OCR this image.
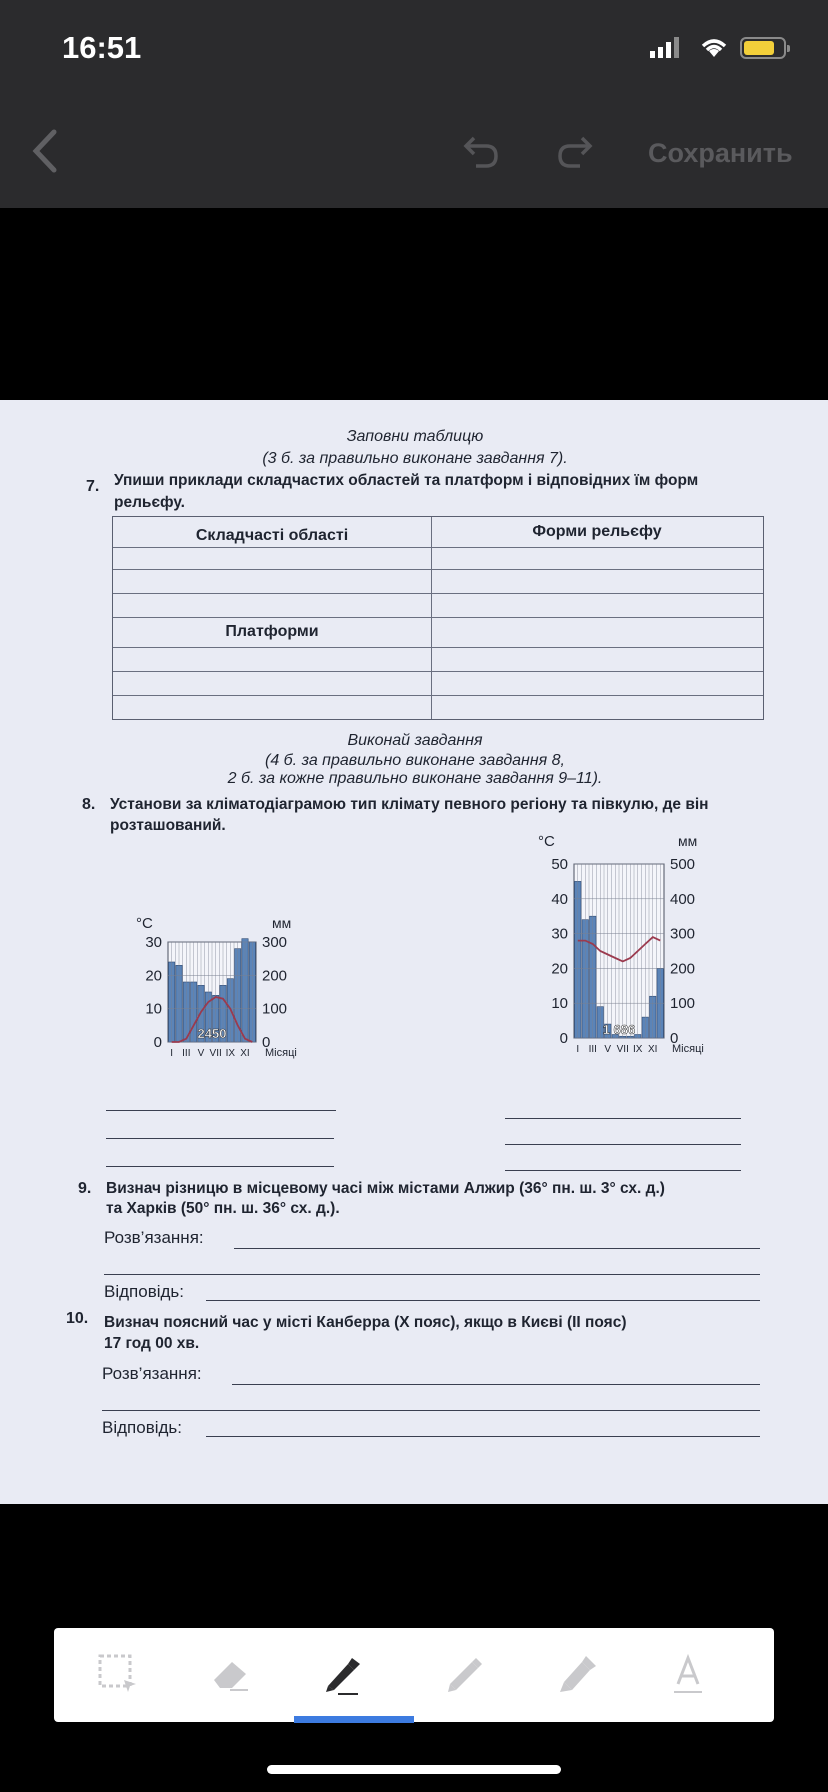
16:51
Сохранить
Заповни таблицю
(3 б. за правильно виконане завдання 7).
7. Упиши приклади складчастих областей та платформ і відповідних їм форм
рельєфу.
Складчасті області	Форми рельєфу
Платформи
Виконай завдання
(4 б. за правильно виконане завдання 8,
2 б. за кожне правильно виконане завдання 9–11).
8. Установи за кліматодіаграмою тип клімату певного регіону та півкулю, де він
розташований.
°C	мм
0	0
10	100
20	200
30	300
2450
I III V VII IX XI Місяці
°C	мм
0	0
10	100
20	200
30	300
40	400
50	500
1 686
I III V VII IX XI Місяці
9. Визнач різницю в місцевому часі між містами Алжир (36° пн. ш. 3° сх. д.)
та Харків (50° пн. ш. 36° сх. д.).
Розв’язання:
Відповідь:
10. Визнач поясний час у місті Канберра (X пояс), якщо в Києві (II пояс)
17 год 00 хв.
Розв’язання:
Відповідь:
